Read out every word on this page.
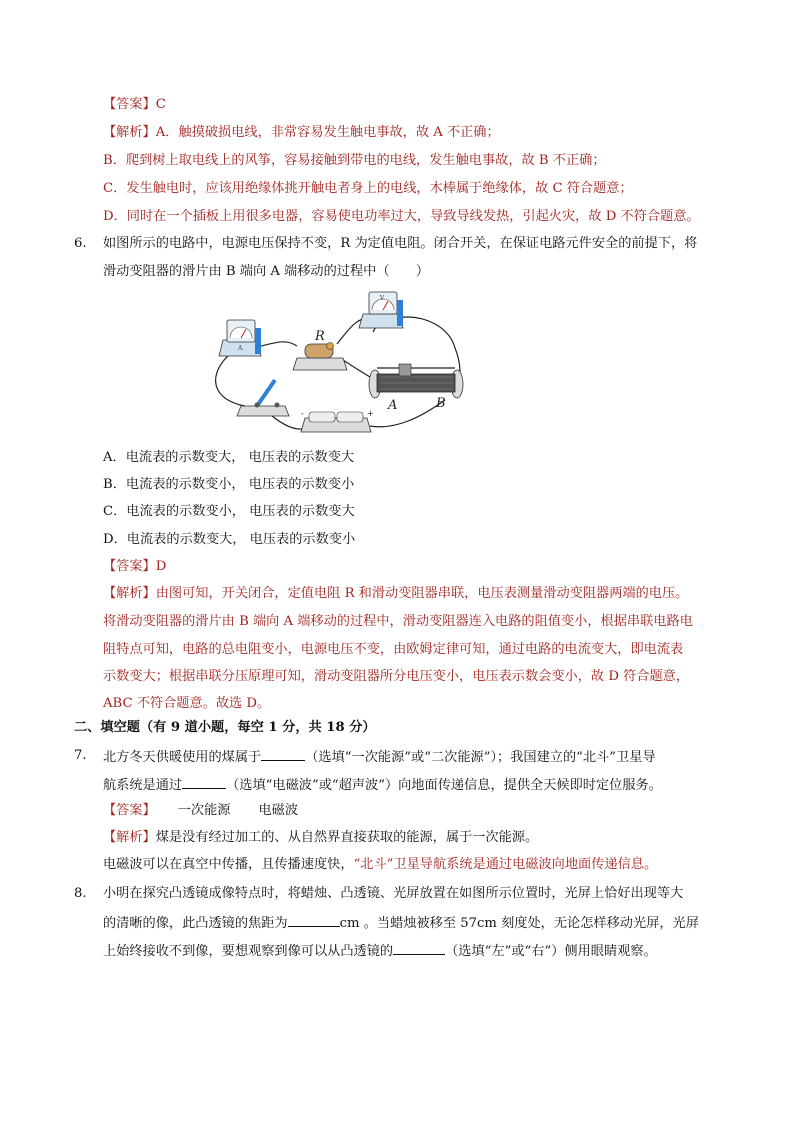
【答案】C
【解析】A．触摸破损电线，非常容易发生触电事故，故 A 不正确；
B．爬到树上取电线上的风筝，容易接触到带电的电线，发生触电事故，故 B 不正确；
C．发生触电时，应该用绝缘体挑开触电者身上的电线，木棒属于绝缘体，故 C 符合题意；
D．同时在一个插板上用很多电器，容易使电功率过大，导致导线发热，引起火灾，故 D 不符合题意。
6. 如图所示的电路中，电源电压保持不变，R 为定值电阻。闭合开关，在保证电路元件安全的前提下，将
滑动变阻器的滑片由 B 端向 A 端移动的过程中（　　）
A
R
V
A	B
-	+
A．电流表的示数变大， 电压表的示数变大
B．电流表的示数变小， 电压表的示数变小
C．电流表的示数变小， 电压表的示数变大
D．电流表的示数变大， 电压表的示数变小
【答案】D
【解析】由图可知，开关闭合，定值电阻 R 和滑动变阻器串联，电压表测量滑动变阻器两端的电压。
将滑动变阻器的滑片由 B 端向 A 端移动的过程中，滑动变阻器连入电路的阻值变小，根据串联电路电
阻特点可知，电路的总电阻变小，电源电压不变，由欧姆定律可知，通过电路的电流变大，即电流表
示数变大；根据串联分压原理可知，滑动变阻器所分电压变小，电压表示数会变小，故 D 符合题意，
ABC 不符合题意。故选 D。
二、填空题（有 9 道小题，每空 1 分，共 18 分）
7. 北方冬天供暖使用的煤属于	（选填“一次能源”或“二次能源”）；我国建立的“北斗”卫星导
航系统是通过	（选填“电磁波”或“超声波”）向地面传递信息，提供全天候即时定位服务。
【答案】 一次能源 电磁波
【解析】煤是没有经过加工的、从自然界直接获取的能源，属于一次能源。
电磁波可以在真空中传播，且传播速度快，“北斗”卫星导航系统是通过电磁波向地面传递信息。
8. 小明在探究凸透镜成像特点时，将蜡烛、凸透镜、光屏放置在如图所示位置时，光屏上恰好出现等大
的清晰的像，此凸透镜的焦距为	cm 。当蜡烛被移至 57cm 刻度处，无论怎样移动光屏，光屏
上始终接收不到像，要想观察到像可以从凸透镜的	（选填“左”或“右”）侧用眼睛观察。
